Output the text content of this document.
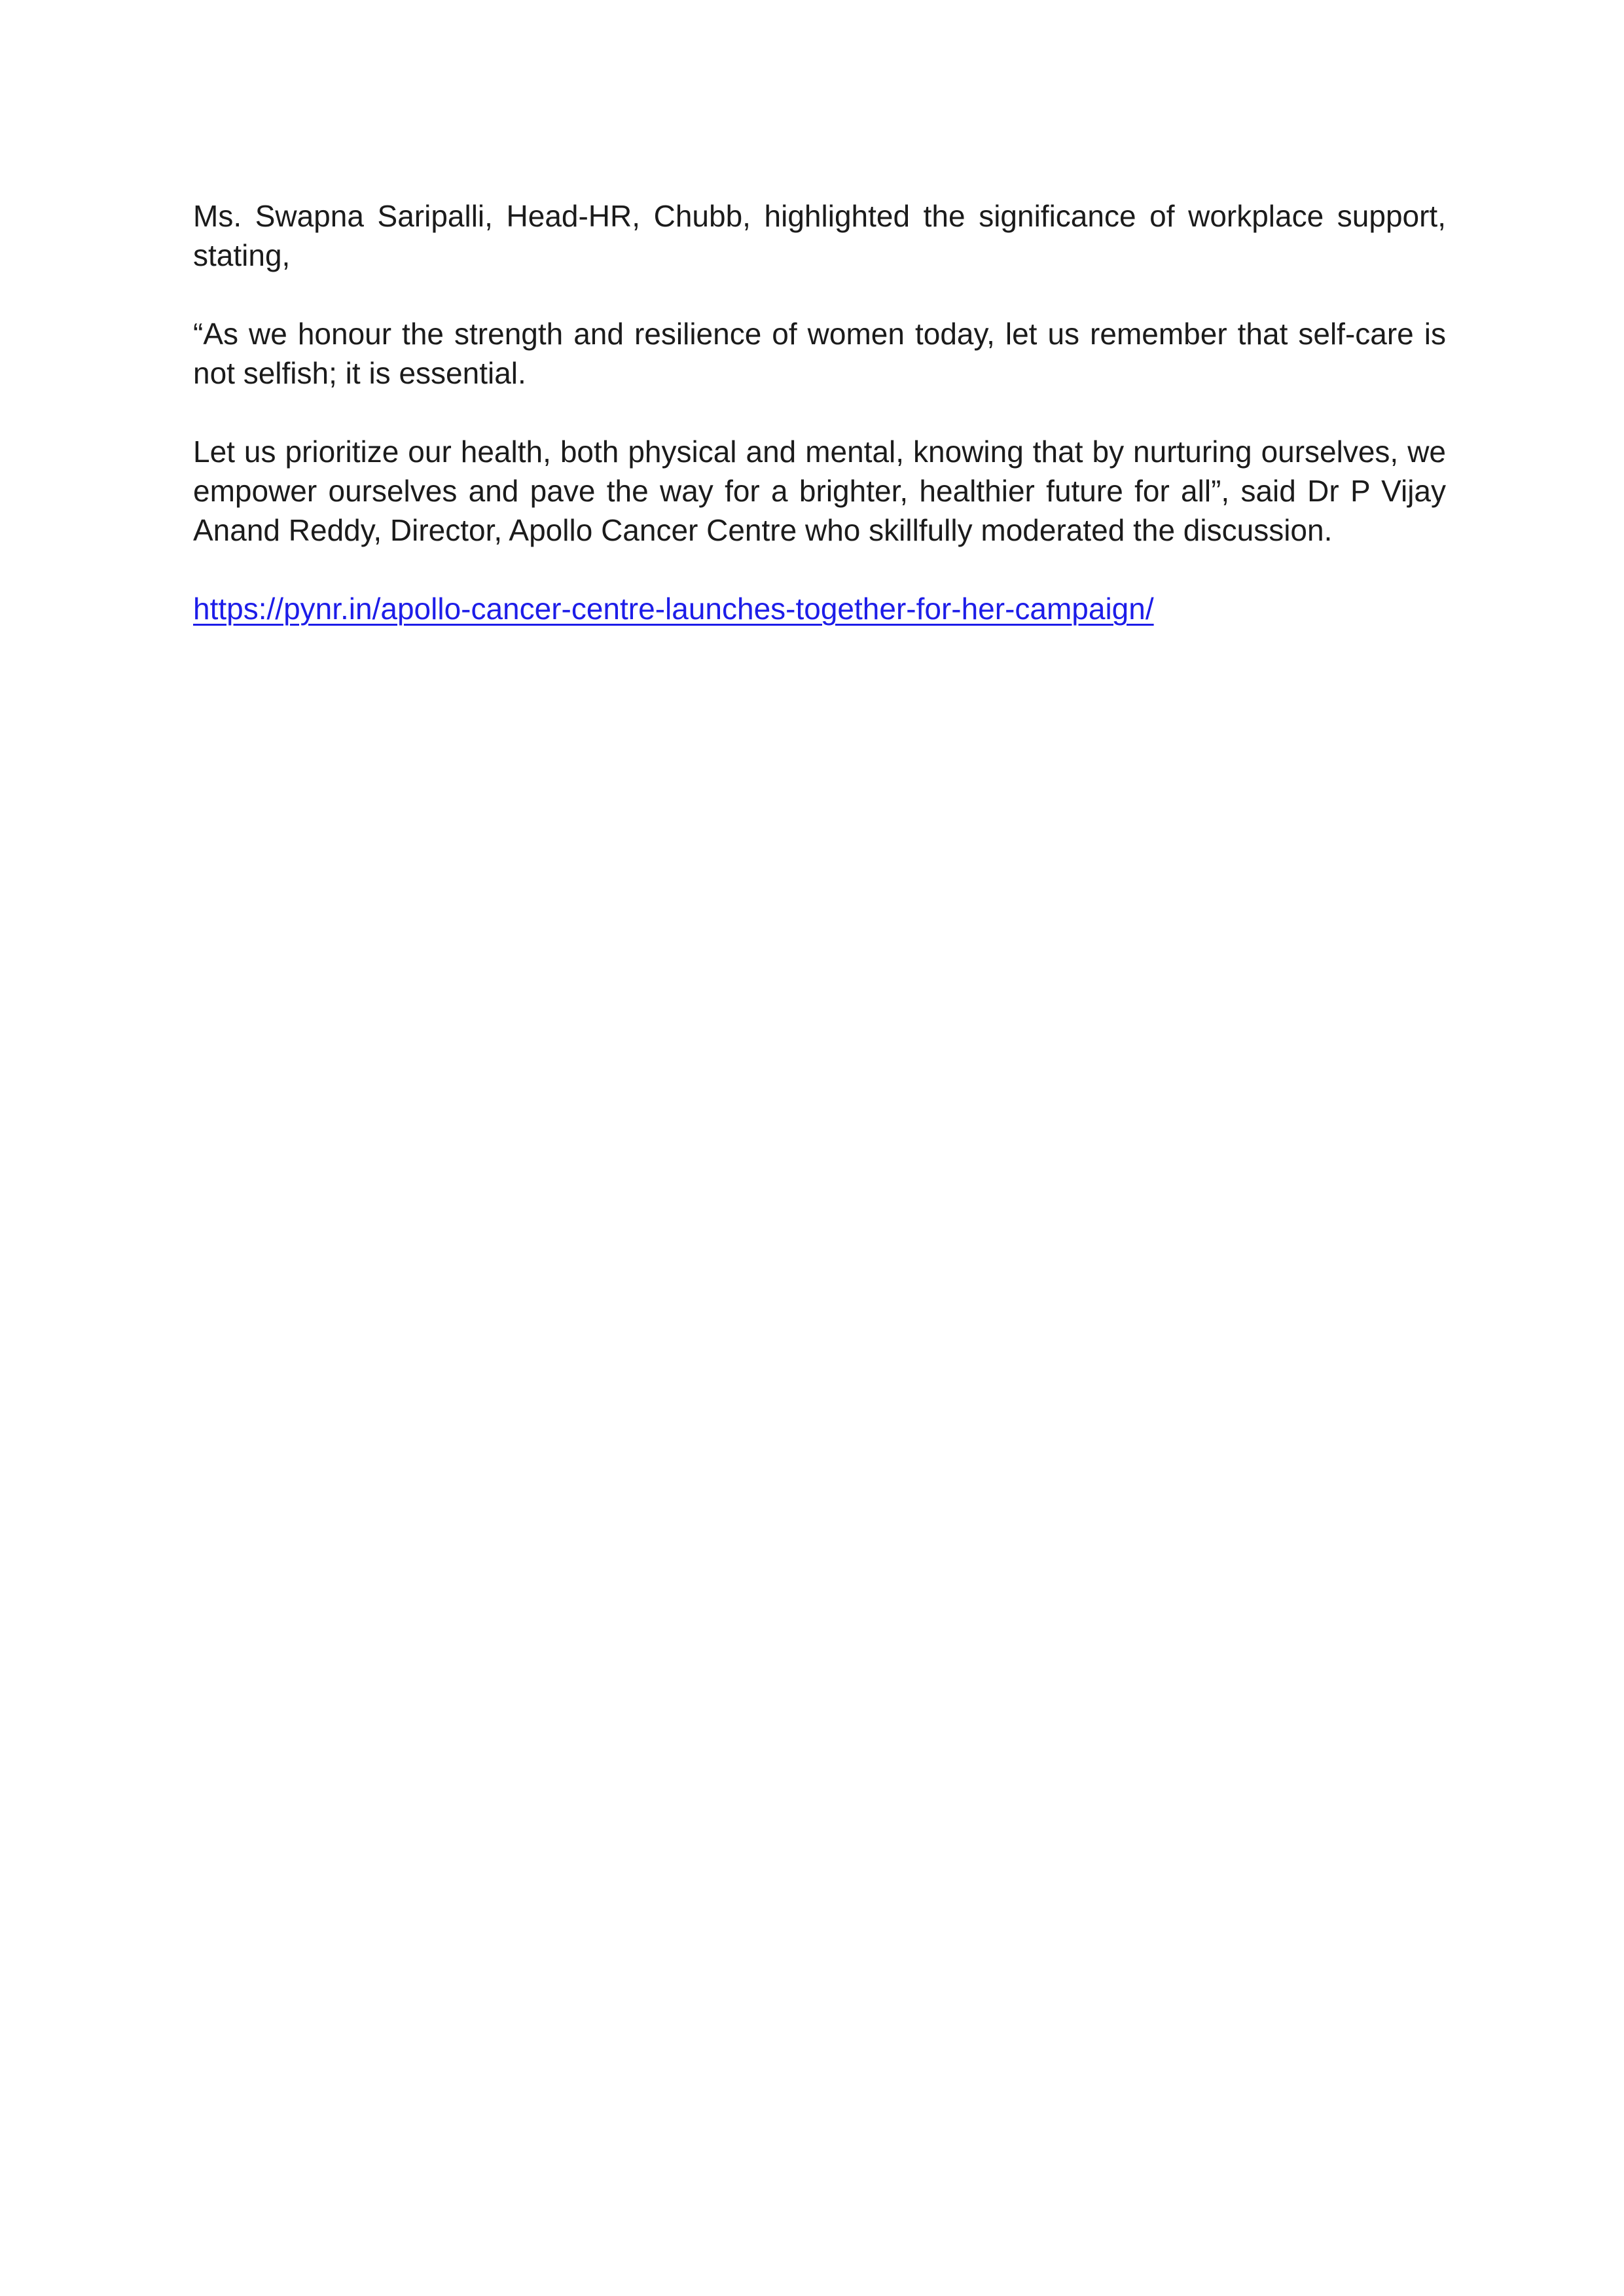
Ms. Swapna Saripalli, Head-HR, Chubb, highlighted the significance of workplace support, stating,

“As we honour the strength and resilience of women today, let us remember that self-care is not selfish; it is essential.

Let us prioritize our health, both physical and mental, knowing that by nurturing ourselves, we empower ourselves and pave the way for a brighter, healthier future for all”, said Dr P Vijay Anand Reddy, Director, Apollo Cancer Centre who skillfully moderated the discussion.

https://pynr.in/apollo-cancer-centre-launches-together-for-her-campaign/
